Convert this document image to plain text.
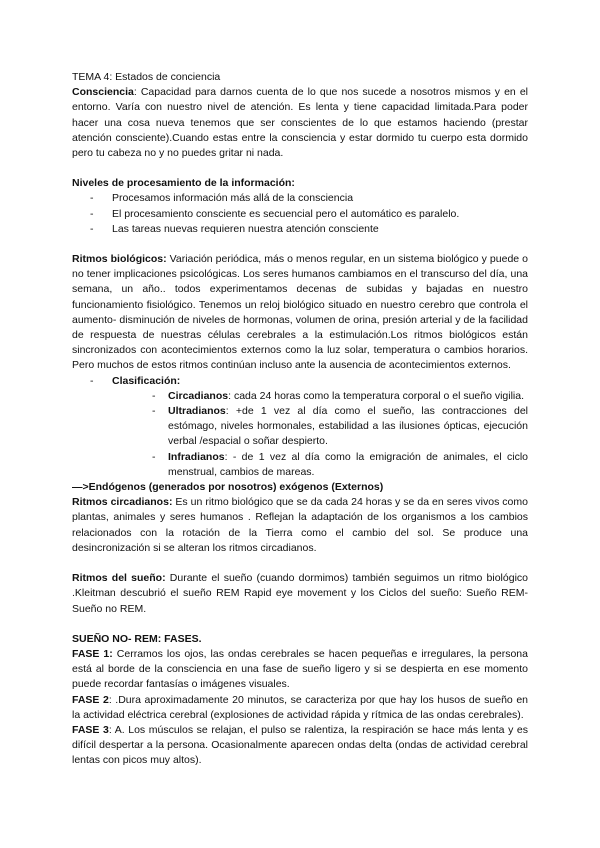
TEMA 4: Estados de conciencia

Consciencia: Capacidad para darnos cuenta de lo que nos sucede a nosotros mismos y en el entorno. Varía con nuestro nivel de atención. Es lenta y tiene capacidad limitada.Para poder hacer una cosa nueva tenemos que ser conscientes de lo que estamos haciendo (prestar atención consciente).Cuando estas entre la consciencia y estar dormido tu cuerpo esta dormido pero tu cabeza no y no puedes gritar ni nada.

Niveles de procesamiento de la información:

- Procesamos información más allá de la consciencia
- El procesamiento consciente es secuencial pero el automático es paralelo.
- Las tareas nuevas requieren nuestra atención consciente

Ritmos biológicos: Variación periódica, más o menos regular, en un sistema biológico y puede o no tener implicaciones psicológicas. Los seres humanos cambiamos en el transcurso del día, una semana, un año.. todos experimentamos decenas de subidas y bajadas en nuestro funcionamiento fisiológico. Tenemos un reloj biológico situado en nuestro cerebro que controla el aumento- disminución de niveles de hormonas, volumen de orina, presión arterial y de la facilidad de respuesta de nuestras células cerebrales a la estimulación.Los ritmos biológicos están sincronizados con acontecimientos externos como la luz solar, temperatura o cambios horarios. Pero muchos de estos ritmos continúan incluso ante la ausencia de acontecimientos externos.

- Clasificación:
- Circadianos: cada 24 horas como la temperatura corporal o el sueño vigilia.
- Ultradianos: +de 1 vez al día como el sueño, las contracciones del estómago, niveles hormonales, estabilidad a las ilusiones ópticas, ejecución verbal /espacial o soñar despierto.
- Infradianos: - de 1 vez al día como la emigración de animales, el ciclo menstrual, cambios de mareas.

—>Endógenos (generados por nosotros) exógenos (Externos)

Ritmos circadianos: Es un ritmo biológico que se da cada 24 horas y se da en seres vivos como plantas, animales y seres humanos . Reflejan la adaptación de los organismos a los cambios relacionados con la rotación de la Tierra como el cambio del sol. Se produce una desincronización si se alteran los ritmos circadianos.

Ritmos del sueño: Durante el sueño (cuando dormimos) también seguimos un ritmo biológico .Kleitman descubrió el sueño REM Rapid eye movement y los Ciclos del sueño: Sueño REM- Sueño no REM.

SUEÑO NO- REM: FASES.

FASE 1: Cerramos los ojos, las ondas cerebrales se hacen pequeñas e irregulares, la persona está al borde de la consciencia en una fase de sueño ligero y si se despierta en ese momento puede recordar fantasías o imágenes visuales.

FASE 2: .Dura aproximadamente 20 minutos, se caracteriza por que hay los husos de sueño en la actividad eléctrica cerebral (explosiones de actividad rápida y rítmica de las ondas cerebrales).

FASE 3: A. Los músculos se relajan, el pulso se ralentiza, la respiración se hace más lenta y es difícil despertar a la persona. Ocasionalmente aparecen ondas delta (ondas de actividad cerebral lentas con picos muy altos).
